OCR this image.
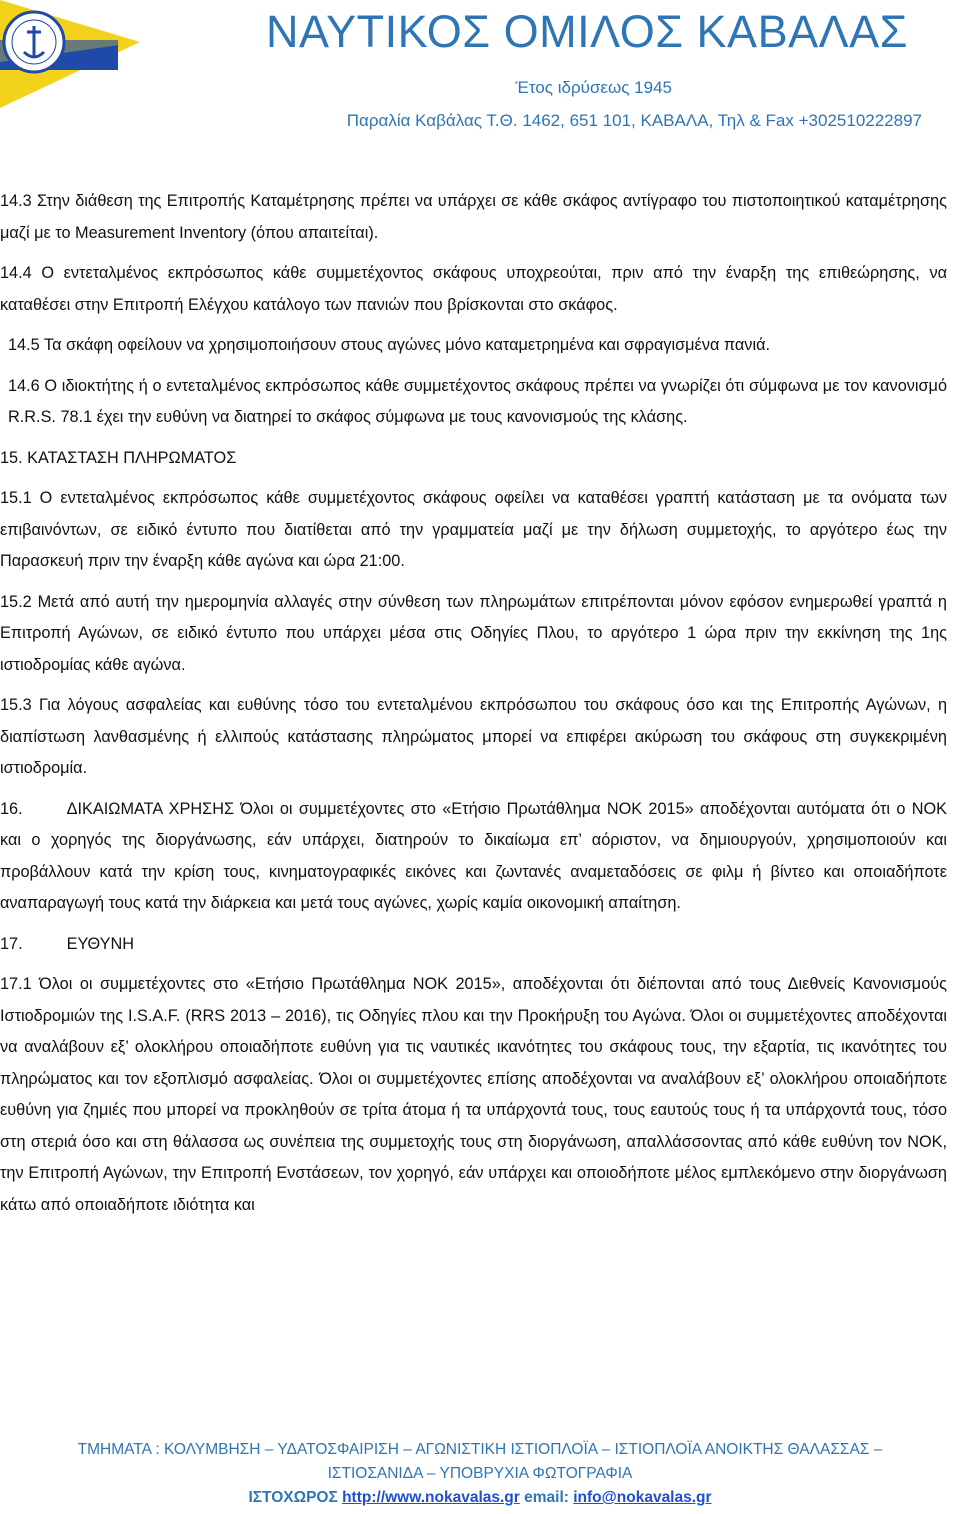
ΝΑΥΤΙΚΟΣ ΟΜΙΛΟΣ ΚΑΒΑΛΑΣ
Έτος ιδρύσεως 1945
Παραλία Καβάλας Τ.Θ. 1462, 651 101, ΚΑΒΑΛΑ, Τηλ & Fax +302510222897

14.3 Στην διάθεση της Επιτροπής Καταμέτρησης πρέπει να υπάρχει σε κάθε σκάφος αντίγραφο του πιστοποιητικού καταμέτρησης μαζί με το Measurement Inventory (όπου απαιτείται).

14.4 Ο εντεταλμένος εκπρόσωπος κάθε συμμετέχοντος σκάφους υποχρεούται, πριν από την έναρξη της επιθεώρησης, να καταθέσει στην Επιτροπή Ελέγχου κατάλογο των πανιών που βρίσκονται στο σκάφος.

14.5 Τα σκάφη οφείλουν να χρησιμοποιήσουν στους αγώνες μόνο καταμετρημένα και σφραγισμένα πανιά.

14.6 Ο ιδιοκτήτης ή ο εντεταλμένος εκπρόσωπος κάθε συμμετέχοντος σκάφους πρέπει να γνωρίζει ότι σύμφωνα με τον κανονισμό R.R.S. 78.1 έχει την ευθύνη να διατηρεί το σκάφος σύμφωνα με τους κανονισμούς της κλάσης.

15. ΚΑΤΑΣΤΑΣΗ ΠΛΗΡΩΜΑΤΟΣ

15.1 Ο εντεταλμένος εκπρόσωπος κάθε συμμετέχοντος σκάφους οφείλει να καταθέσει γραπτή κατάσταση με τα ονόματα των επιβαινόντων, σε ειδικό έντυπο που διατίθεται από την γραμματεία μαζί με την δήλωση συμμετοχής, το αργότερο έως την Παρασκευή πριν την έναρξη κάθε αγώνα και ώρα 21:00.

15.2 Μετά από αυτή την ημερομηνία αλλαγές στην σύνθεση των πληρωμάτων επιτρέπονται μόνον εφόσον ενημερωθεί γραπτά η Επιτροπή Αγώνων, σε ειδικό έντυπο που υπάρχει μέσα στις Οδηγίες Πλου, το αργότερο 1 ώρα πριν την εκκίνηση της 1ης ιστιοδρομίας κάθε αγώνα.

15.3 Για λόγους ασφαλείας και ευθύνης τόσο του εντεταλμένου εκπρόσωπου του σκάφους όσο και της Επιτροπής Αγώνων, η διαπίστωση λανθασμένης ή ελλιπούς κατάστασης πληρώματος μπορεί να επιφέρει ακύρωση του σκάφους στη συγκεκριμένη ιστιοδρομία.

16.	ΔΙΚΑΙΩΜΑΤΑ ΧΡΗΣΗΣ Όλοι οι συμμετέχοντες στο «Ετήσιο Πρωτάθλημα ΝΟΚ 2015» αποδέχονται αυτόματα ότι ο ΝΟΚ και ο χορηγός της διοργάνωσης, εάν υπάρχει, διατηρούν το δικαίωμα επ’ αόριστον, να δημιουργούν, χρησιμοποιούν και προβάλλουν κατά την κρίση τους, κινηματογραφικές εικόνες και ζωντανές αναμεταδόσεις σε φιλμ ή βίντεο και οποιαδήποτε αναπαραγωγή τους κατά την διάρκεια και μετά τους αγώνες, χωρίς καμία οικονομική απαίτηση.

17.	ΕΥΘΥΝΗ

17.1 Όλοι οι συμμετέχοντες στο «Ετήσιο Πρωτάθλημα ΝΟΚ 2015», αποδέχονται ότι διέπονται από τους Διεθνείς Κανονισμούς Ιστιοδρομιών της I.S.A.F. (RRS 2013 – 2016), τις Οδηγίες πλου και την Προκήρυξη του Αγώνα. Όλοι οι συμμετέχοντες αποδέχονται να αναλάβουν εξ’ ολοκλήρου οποιαδήποτε ευθύνη για τις ναυτικές ικανότητες του σκάφους τους, την εξαρτία, τις ικανότητες του πληρώματος και τον εξοπλισμό ασφαλείας. Όλοι οι συμμετέχοντες επίσης αποδέχονται να αναλάβουν εξ’ ολοκλήρου οποιαδήποτε ευθύνη για ζημιές που μπορεί να προκληθούν σε τρίτα άτομα ή τα υπάρχοντά τους, τους εαυτούς τους ή τα υπάρχοντά τους, τόσο στη στεριά όσο και στη θάλασσα ως συνέπεια της συμμετοχής τους στη διοργάνωση, απαλλάσσοντας από κάθε ευθύνη τον ΝΟΚ, την Επιτροπή Αγώνων, την Επιτροπή Ενστάσεων, τον χορηγό, εάν υπάρχει και οποιοδήποτε μέλος εμπλεκόμενο στην διοργάνωση κάτω από οποιαδήποτε ιδιότητα και

ΤΜΗΜΑΤΑ : ΚΟΛΥΜΒΗΣΗ – ΥΔΑΤΟΣΦΑΙΡΙΣΗ – ΑΓΩΝΙΣΤΙΚΗ ΙΣΤΙΟΠΛΟΪΑ – ΙΣΤΙΟΠΛΟΪΑ ΑΝΟΙΚΤΗΣ ΘΑΛΑΣΣΑΣ –
ΙΣΤΙΟΣΑΝΙΔΑ – ΥΠΟΒΡΥΧΙΑ ΦΩΤΟΓΡΑΦΙΑ
ΙΣΤΟΧΩΡΟΣ http://www.nokavalas.gr email: info@nokavalas.gr
